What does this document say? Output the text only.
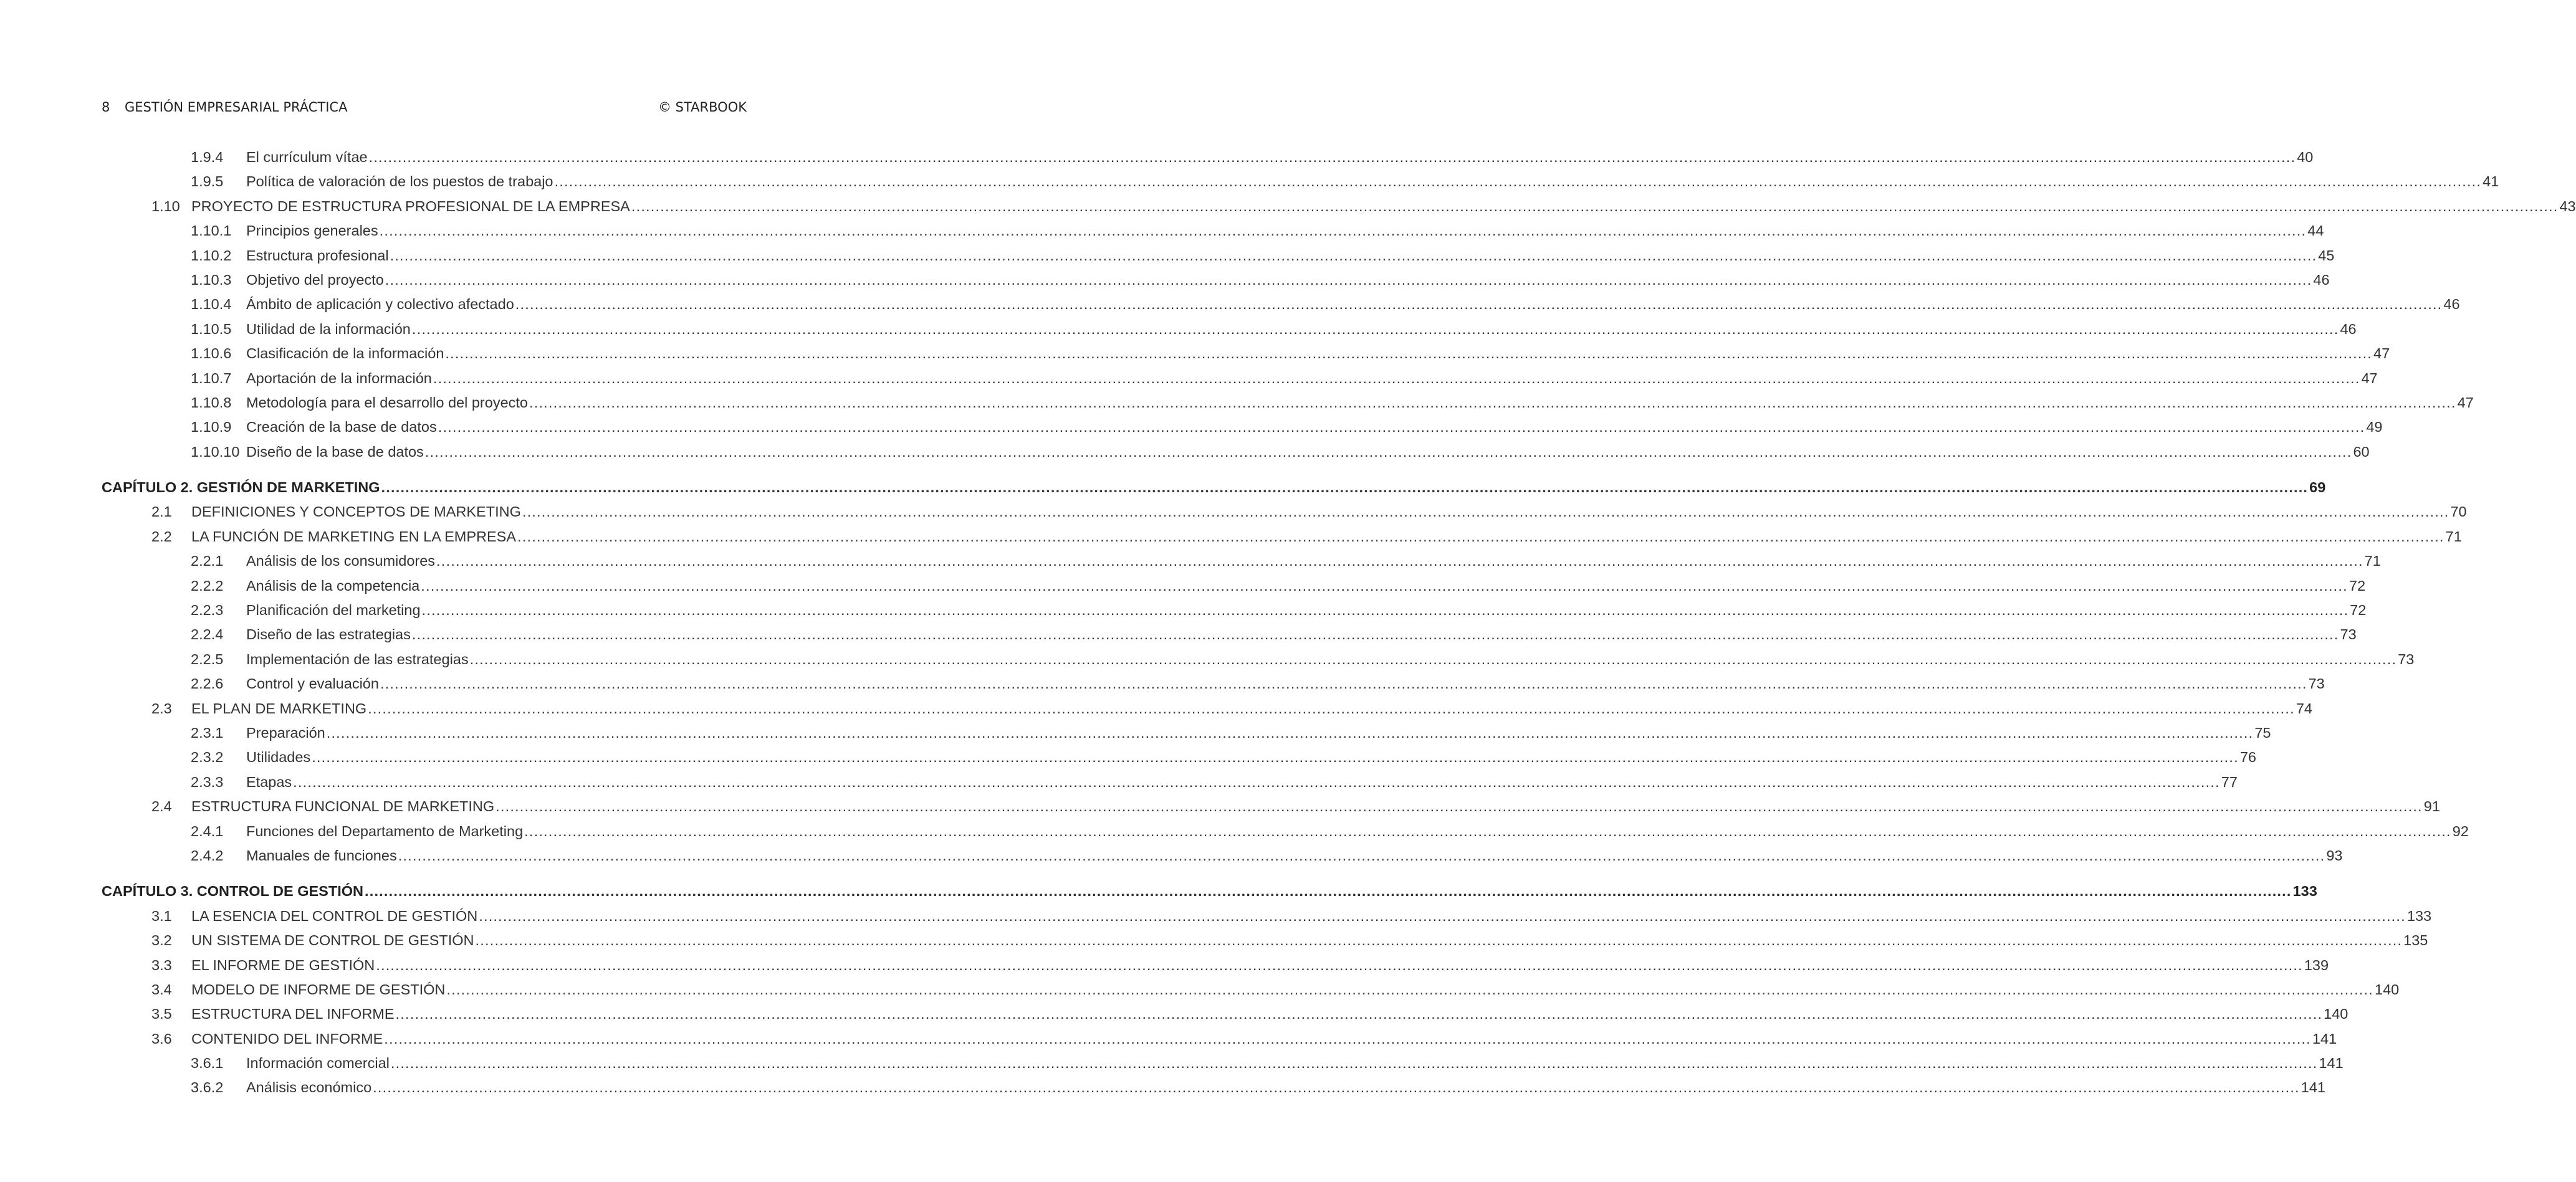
8 GESTIÓN EMPRESARIAL PRÁCTICA	© STARBOOK
1.9.4 El currículum vítae ................................................................................................................................................................................................................................................................................................................................................................................................................ 40
1.9.5 Política de valoración de los puestos de trabajo ................................................................................................................................................................................................................................................................................................................................................................................................................ 41
1.10 PROYECTO DE ESTRUCTURA PROFESIONAL DE LA EMPRESA ................................................................................................................................................................................................................................................................................................................................................................................................................ 43
1.10.1 Principios generales ................................................................................................................................................................................................................................................................................................................................................................................................................ 44
1.10.2 Estructura profesional ................................................................................................................................................................................................................................................................................................................................................................................................................ 45
1.10.3 Objetivo del proyecto ................................................................................................................................................................................................................................................................................................................................................................................................................ 46
1.10.4 Ámbito de aplicación y colectivo afectado ................................................................................................................................................................................................................................................................................................................................................................................................................ 46
1.10.5 Utilidad de la información ................................................................................................................................................................................................................................................................................................................................................................................................................ 46
1.10.6 Clasificación de la información ................................................................................................................................................................................................................................................................................................................................................................................................................ 47
1.10.7 Aportación de la información ................................................................................................................................................................................................................................................................................................................................................................................................................ 47
1.10.8 Metodología para el desarrollo del proyecto ................................................................................................................................................................................................................................................................................................................................................................................................................ 47
1.10.9 Creación de la base de datos ................................................................................................................................................................................................................................................................................................................................................................................................................ 49
1.10.10 Diseño de la base de datos ................................................................................................................................................................................................................................................................................................................................................................................................................ 60
CAPÍTULO 2. GESTIÓN DE MARKETING ................................................................................................................................................................................................................................................................................................................................................................................................................ 69
2.1 DEFINICIONES Y CONCEPTOS DE MARKETING ................................................................................................................................................................................................................................................................................................................................................................................................................ 70
2.2 LA FUNCIÓN DE MARKETING EN LA EMPRESA ................................................................................................................................................................................................................................................................................................................................................................................................................ 71
2.2.1 Análisis de los consumidores ................................................................................................................................................................................................................................................................................................................................................................................................................ 71
2.2.2 Análisis de la competencia ................................................................................................................................................................................................................................................................................................................................................................................................................ 72
2.2.3 Planificación del marketing ................................................................................................................................................................................................................................................................................................................................................................................................................ 72
2.2.4 Diseño de las estrategias ................................................................................................................................................................................................................................................................................................................................................................................................................ 73
2.2.5 Implementación de las estrategias ................................................................................................................................................................................................................................................................................................................................................................................................................ 73
2.2.6 Control y evaluación ................................................................................................................................................................................................................................................................................................................................................................................................................ 73
2.3 EL PLAN DE MARKETING ................................................................................................................................................................................................................................................................................................................................................................................................................ 74
2.3.1 Preparación ................................................................................................................................................................................................................................................................................................................................................................................................................ 75
2.3.2 Utilidades ................................................................................................................................................................................................................................................................................................................................................................................................................ 76
2.3.3 Etapas ................................................................................................................................................................................................................................................................................................................................................................................................................ 77
2.4 ESTRUCTURA FUNCIONAL DE MARKETING ................................................................................................................................................................................................................................................................................................................................................................................................................ 91
2.4.1 Funciones del Departamento de Marketing ................................................................................................................................................................................................................................................................................................................................................................................................................ 92
2.4.2 Manuales de funciones ................................................................................................................................................................................................................................................................................................................................................................................................................ 93
CAPÍTULO 3. CONTROL DE GESTIÓN ................................................................................................................................................................................................................................................................................................................................................................................................................ 133
3.1 LA ESENCIA DEL CONTROL DE GESTIÓN ................................................................................................................................................................................................................................................................................................................................................................................................................ 133
3.2 UN SISTEMA DE CONTROL DE GESTIÓN ................................................................................................................................................................................................................................................................................................................................................................................................................ 135
3.3 EL INFORME DE GESTIÓN ................................................................................................................................................................................................................................................................................................................................................................................................................ 139
3.4 MODELO DE INFORME DE GESTIÓN ................................................................................................................................................................................................................................................................................................................................................................................................................ 140
3.5 ESTRUCTURA DEL INFORME ................................................................................................................................................................................................................................................................................................................................................................................................................ 140
3.6 CONTENIDO DEL INFORME ................................................................................................................................................................................................................................................................................................................................................................................................................ 141
3.6.1 Información comercial ................................................................................................................................................................................................................................................................................................................................................................................................................ 141
3.6.2 Análisis económico ................................................................................................................................................................................................................................................................................................................................................................................................................ 141
